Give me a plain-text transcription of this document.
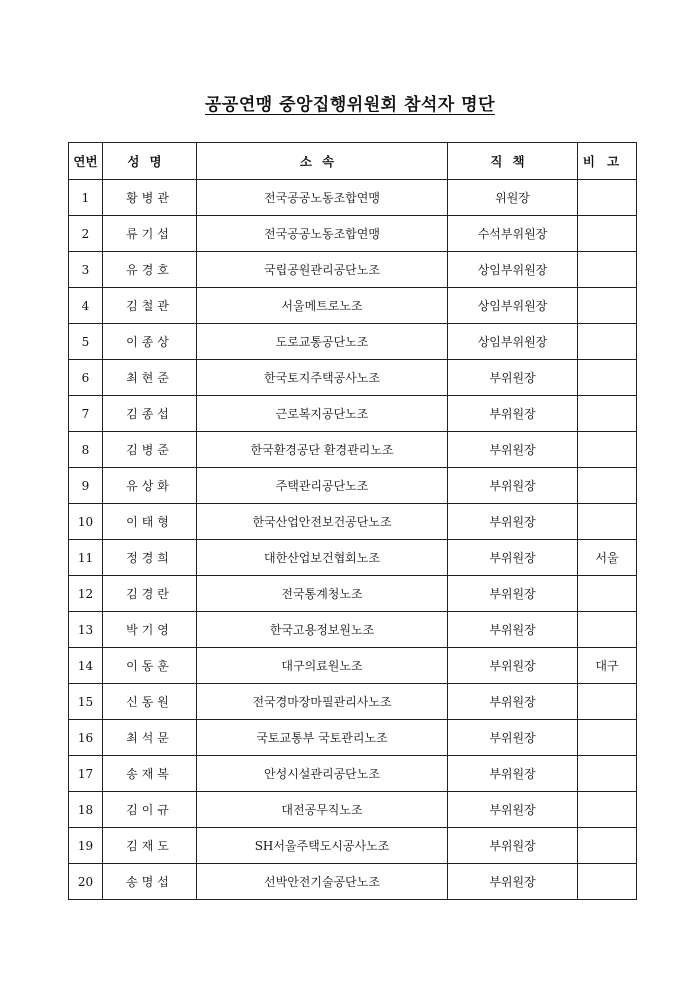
공공연맹 중앙집행위원회 참석자 명단
연번	성명	소속	직책	비고
1	황병관	전국공공노동조합연맹	위원장	
2	류기섭	전국공공노동조합연맹	수석부위원장	
3	유경호	국립공원관리공단노조	상임부위원장	
4	김철관	서울메트로노조	상임부위원장	
5	이종상	도로교통공단노조	상임부위원장	
6	최현준	한국토지주택공사노조	부위원장	
7	김종섭	근로복지공단노조	부위원장	
8	김병준	한국환경공단 환경관리노조	부위원장	
9	유상화	주택관리공단노조	부위원장	
10	이태형	한국산업안전보건공단노조	부위원장	
11	정경희	대한산업보건협회노조	부위원장	서울
12	김경란	전국통계청노조	부위원장	
13	박기영	한국고용정보원노조	부위원장	
14	이동훈	대구의료원노조	부위원장	대구
15	신동원	전국경마장마필관리사노조	부위원장	
16	최석문	국토교통부 국토관리노조	부위원장	
17	송재복	안성시설관리공단노조	부위원장	
18	김이규	대전공무직노조	부위원장	
19	김재도	SH서울주택도시공사노조	부위원장	
20	송명섭	선박안전기술공단노조	부위원장	
